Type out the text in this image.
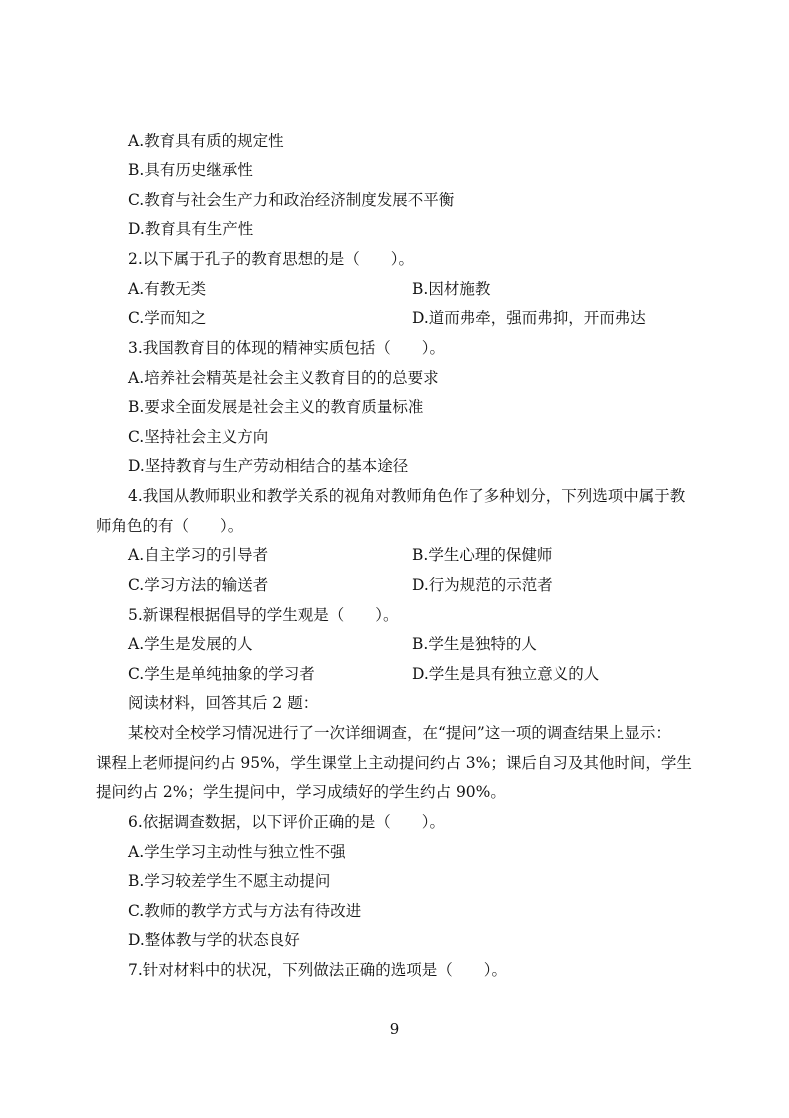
A.教育具有质的规定性
B.具有历史继承性
C.教育与社会生产力和政治经济制度发展不平衡
D.教育具有生产性
2.以下属于孔子的教育思想的是（　　）。
A.有教无类	B.因材施教
C.学而知之	D.道而弗牵，强而弗抑，开而弗达
3.我国教育目的体现的精神实质包括（　　）。
A.培养社会精英是社会主义教育目的的总要求
B.要求全面发展是社会主义的教育质量标准
C.坚持社会主义方向
D.坚持教育与生产劳动相结合的基本途径
4.我国从教师职业和教学关系的视角对教师角色作了多种划分，下列选项中属于教
师角色的有（　　）。
A.自主学习的引导者	B.学生心理的保健师
C.学习方法的输送者	D.行为规范的示范者
5.新课程根据倡导的学生观是（　　）。
A.学生是发展的人	B.学生是独特的人
C.学生是单纯抽象的学习者	D.学生是具有独立意义的人
阅读材料，回答其后 2 题：
某校对全校学习情况进行了一次详细调查，在“提问”这一项的调查结果上显示：
课程上老师提问约占 95%，学生课堂上主动提问约占 3%；课后自习及其他时间，学生
提问约占 2%；学生提问中，学习成绩好的学生约占 90%。
6.依据调查数据，以下评价正确的是（　　）。
A.学生学习主动性与独立性不强
B.学习较差学生不愿主动提问
C.教师的教学方式与方法有待改进
D.整体教与学的状态良好
7.针对材料中的状况，下列做法正确的选项是（　　）。
9
